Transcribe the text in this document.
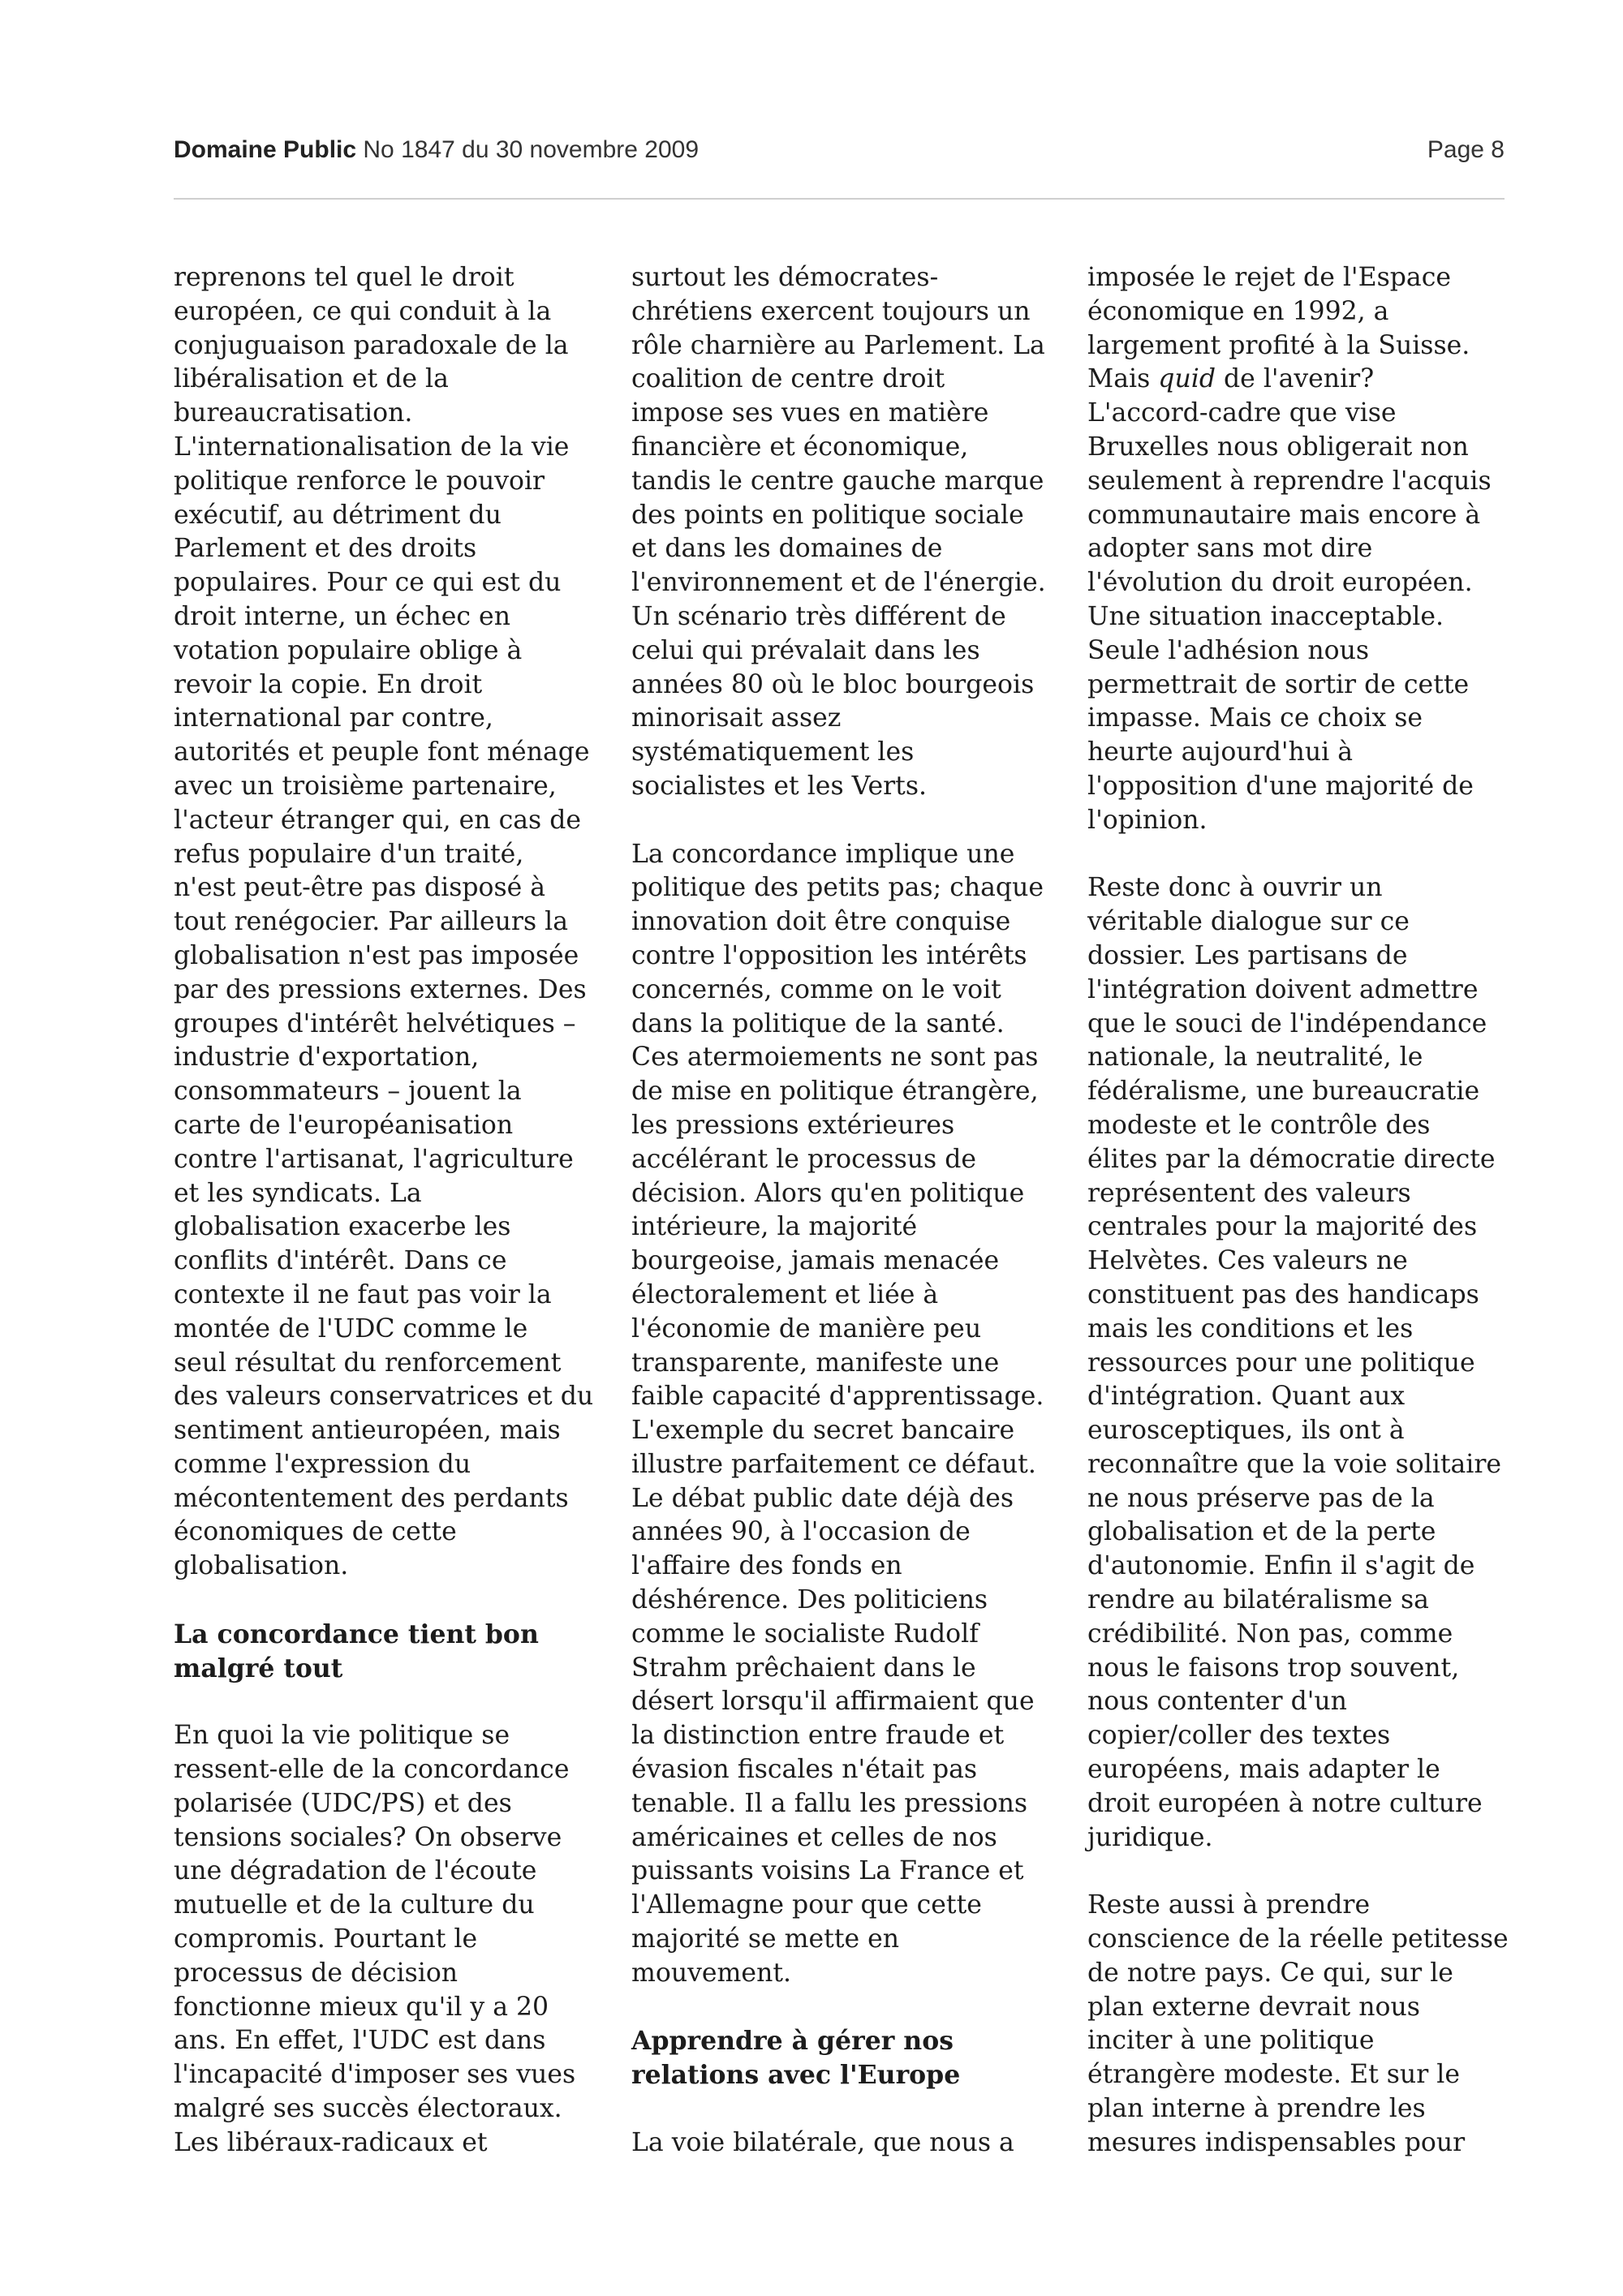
Domaine Public No 1847 du 30 novembre 2009	Page 8

reprenons tel quel le droit
européen, ce qui conduit à la
conjuguaison paradoxale de la
libéralisation et de la
bureaucratisation.
L'internationalisation de la vie
politique renforce le pouvoir
exécutif, au détriment du
Parlement et des droits
populaires. Pour ce qui est du
droit interne, un échec en
votation populaire oblige à
revoir la copie. En droit
international par contre,
autorités et peuple font ménage
avec un troisième partenaire,
l'acteur étranger qui, en cas de
refus populaire d'un traité,
n'est peut-être pas disposé à
tout renégocier. Par ailleurs la
globalisation n'est pas imposée
par des pressions externes. Des
groupes d'intérêt helvétiques –
industrie d'exportation,
consommateurs – jouent la
carte de l'européanisation
contre l'artisanat, l'agriculture
et les syndicats. La
globalisation exacerbe les
conflits d'intérêt. Dans ce
contexte il ne faut pas voir la
montée de l'UDC comme le
seul résultat du renforcement
des valeurs conservatrices et du
sentiment antieuropéen, mais
comme l'expression du
mécontentement des perdants
économiques de cette
globalisation.

La concordance tient bon
malgré tout

En quoi la vie politique se
ressent-elle de la concordance
polarisée (UDC/PS) et des
tensions sociales? On observe
une dégradation de l'écoute
mutuelle et de la culture du
compromis. Pourtant le
processus de décision
fonctionne mieux qu'il y a 20
ans. En effet, l'UDC est dans
l'incapacité d'imposer ses vues
malgré ses succès électoraux.
Les libéraux-radicaux et

surtout les démocrates-
chrétiens exercent toujours un
rôle charnière au Parlement. La
coalition de centre droit
impose ses vues en matière
financière et économique,
tandis le centre gauche marque
des points en politique sociale
et dans les domaines de
l'environnement et de l'énergie.
Un scénario très différent de
celui qui prévalait dans les
années 80 où le bloc bourgeois
minorisait assez
systématiquement les
socialistes et les Verts.

La concordance implique une
politique des petits pas; chaque
innovation doit être conquise
contre l'opposition les intérêts
concernés, comme on le voit
dans la politique de la santé.
Ces atermoiements ne sont pas
de mise en politique étrangère,
les pressions extérieures
accélérant le processus de
décision. Alors qu'en politique
intérieure, la majorité
bourgeoise, jamais menacée
électoralement et liée à
l'économie de manière peu
transparente, manifeste une
faible capacité d'apprentissage.
L'exemple du secret bancaire
illustre parfaitement ce défaut.
Le débat public date déjà des
années 90, à l'occasion de
l'affaire des fonds en
déshérence. Des politiciens
comme le socialiste Rudolf
Strahm prêchaient dans le
désert lorsqu'il affirmaient que
la distinction entre fraude et
évasion fiscales n'était pas
tenable. Il a fallu les pressions
américaines et celles de nos
puissants voisins La France et
l'Allemagne pour que cette
majorité se mette en
mouvement.

Apprendre à gérer nos
relations avec l'Europe

La voie bilatérale, que nous a

imposée le rejet de l'Espace
économique en 1992, a
largement profité à la Suisse.
Mais quid de l'avenir?

L'accord-cadre que vise
Bruxelles nous obligerait non
seulement à reprendre l'acquis
communautaire mais encore à
adopter sans mot dire
l'évolution du droit européen.
Une situation inacceptable.
Seule l'adhésion nous
permettrait de sortir de cette
impasse. Mais ce choix se
heurte aujourd'hui à
l'opposition d'une majorité de
l'opinion.

Reste donc à ouvrir un
véritable dialogue sur ce
dossier. Les partisans de
l'intégration doivent admettre
que le souci de l'indépendance
nationale, la neutralité, le
fédéralisme, une bureaucratie
modeste et le contrôle des
élites par la démocratie directe
représentent des valeurs
centrales pour la majorité des
Helvètes. Ces valeurs ne
constituent pas des handicaps
mais les conditions et les
ressources pour une politique
d'intégration. Quant aux
eurosceptiques, ils ont à
reconnaître que la voie solitaire
ne nous préserve pas de la
globalisation et de la perte
d'autonomie. Enfin il s'agit de
rendre au bilatéralisme sa
crédibilité. Non pas, comme
nous le faisons trop souvent,
nous contenter d'un
copier/coller des textes
européens, mais adapter le
droit européen à notre culture
juridique.

Reste aussi à prendre
conscience de la réelle petitesse
de notre pays. Ce qui, sur le
plan externe devrait nous
inciter à une politique
étrangère modeste. Et sur le
plan interne à prendre les
mesures indispensables pour
